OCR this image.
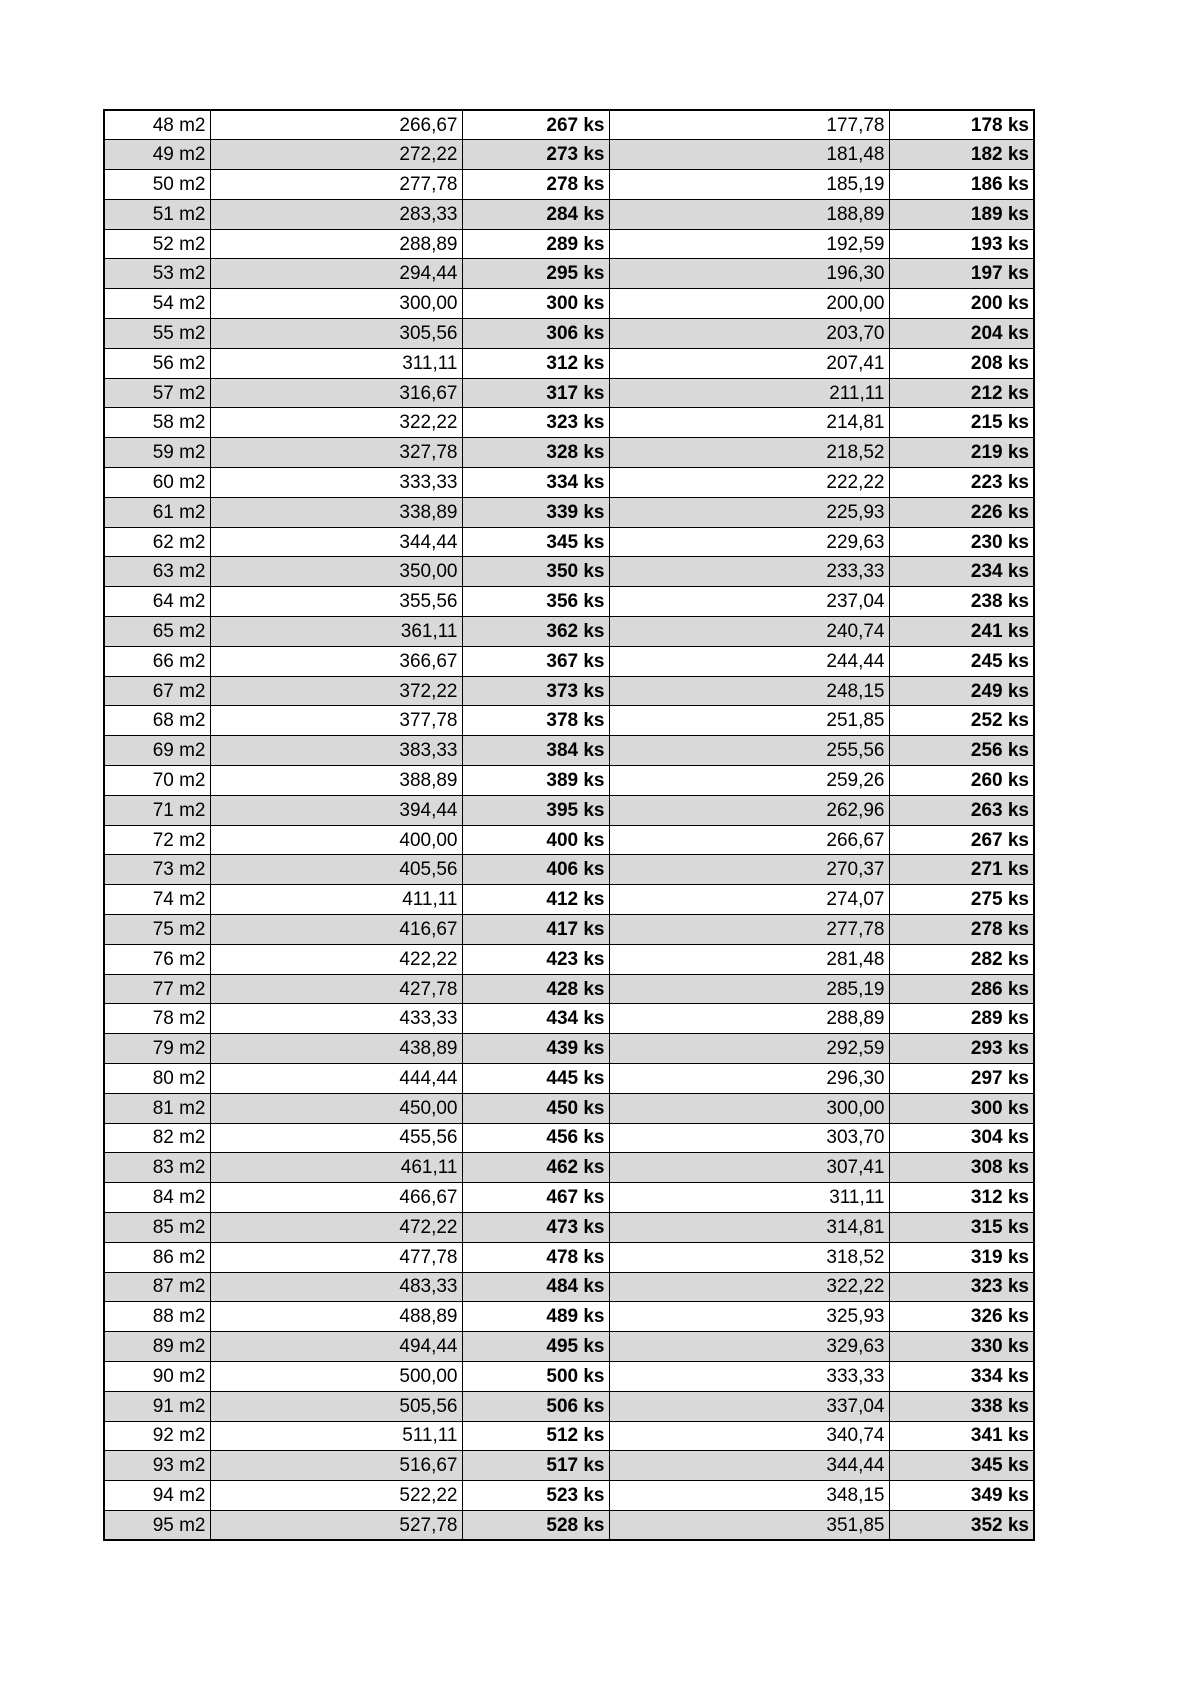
48 m2	266,67	267 ks	177,78	178 ks
49 m2	272,22	273 ks	181,48	182 ks
50 m2	277,78	278 ks	185,19	186 ks
51 m2	283,33	284 ks	188,89	189 ks
52 m2	288,89	289 ks	192,59	193 ks
53 m2	294,44	295 ks	196,30	197 ks
54 m2	300,00	300 ks	200,00	200 ks
55 m2	305,56	306 ks	203,70	204 ks
56 m2	311,11	312 ks	207,41	208 ks
57 m2	316,67	317 ks	211,11	212 ks
58 m2	322,22	323 ks	214,81	215 ks
59 m2	327,78	328 ks	218,52	219 ks
60 m2	333,33	334 ks	222,22	223 ks
61 m2	338,89	339 ks	225,93	226 ks
62 m2	344,44	345 ks	229,63	230 ks
63 m2	350,00	350 ks	233,33	234 ks
64 m2	355,56	356 ks	237,04	238 ks
65 m2	361,11	362 ks	240,74	241 ks
66 m2	366,67	367 ks	244,44	245 ks
67 m2	372,22	373 ks	248,15	249 ks
68 m2	377,78	378 ks	251,85	252 ks
69 m2	383,33	384 ks	255,56	256 ks
70 m2	388,89	389 ks	259,26	260 ks
71 m2	394,44	395 ks	262,96	263 ks
72 m2	400,00	400 ks	266,67	267 ks
73 m2	405,56	406 ks	270,37	271 ks
74 m2	411,11	412 ks	274,07	275 ks
75 m2	416,67	417 ks	277,78	278 ks
76 m2	422,22	423 ks	281,48	282 ks
77 m2	427,78	428 ks	285,19	286 ks
78 m2	433,33	434 ks	288,89	289 ks
79 m2	438,89	439 ks	292,59	293 ks
80 m2	444,44	445 ks	296,30	297 ks
81 m2	450,00	450 ks	300,00	300 ks
82 m2	455,56	456 ks	303,70	304 ks
83 m2	461,11	462 ks	307,41	308 ks
84 m2	466,67	467 ks	311,11	312 ks
85 m2	472,22	473 ks	314,81	315 ks
86 m2	477,78	478 ks	318,52	319 ks
87 m2	483,33	484 ks	322,22	323 ks
88 m2	488,89	489 ks	325,93	326 ks
89 m2	494,44	495 ks	329,63	330 ks
90 m2	500,00	500 ks	333,33	334 ks
91 m2	505,56	506 ks	337,04	338 ks
92 m2	511,11	512 ks	340,74	341 ks
93 m2	516,67	517 ks	344,44	345 ks
94 m2	522,22	523 ks	348,15	349 ks
95 m2	527,78	528 ks	351,85	352 ks
